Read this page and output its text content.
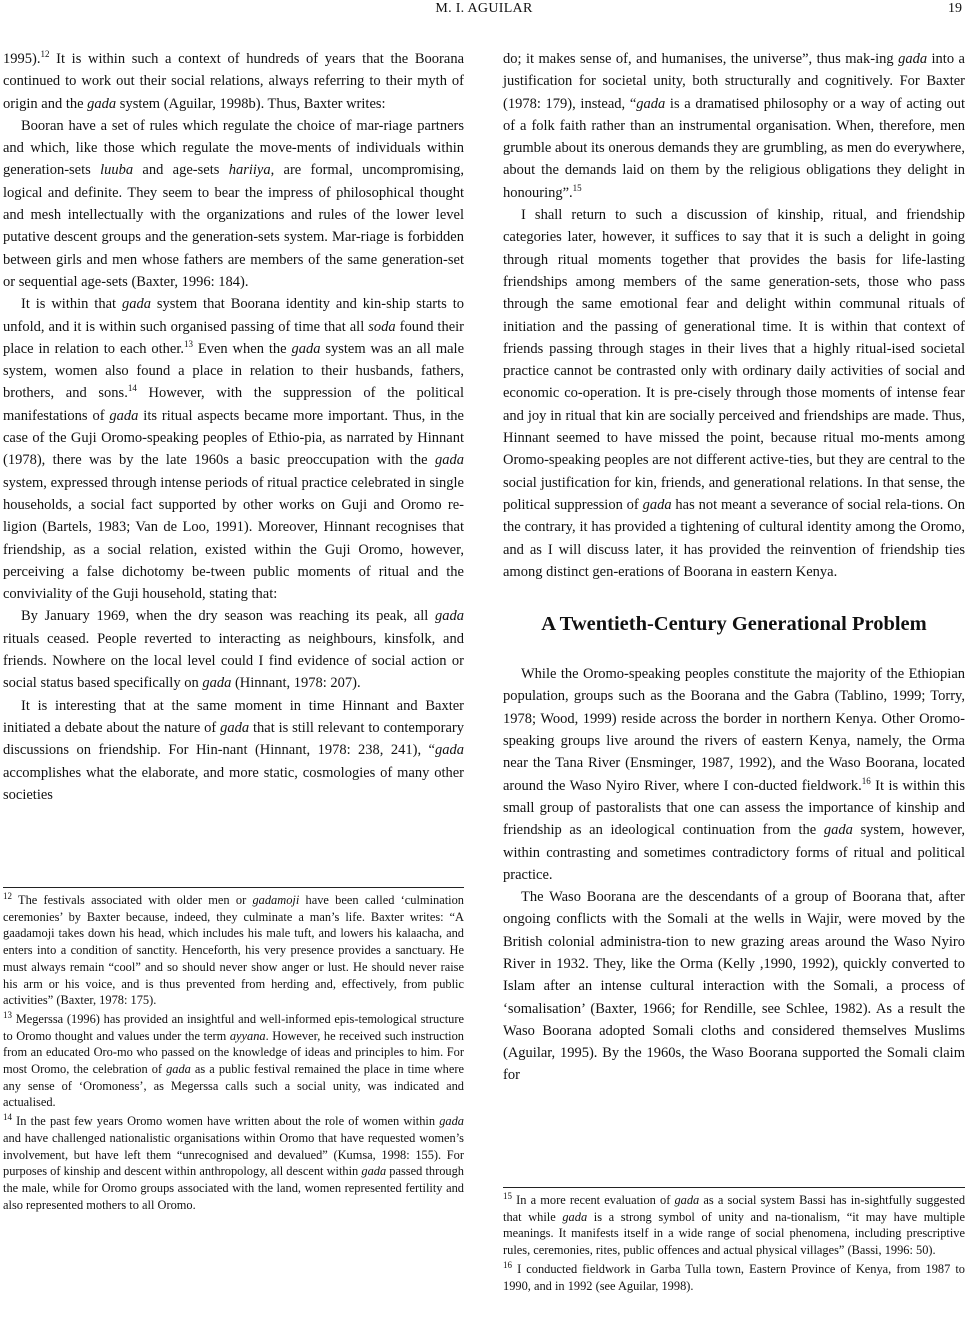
M. I. AGUILAR	19

1995).$^{12}$ It is within such a context of hundreds of years that the Boorana continued to work out their social relations, always referring to their myth of origin and the gada system (Aguilar, 1998b). Thus, Baxter writes:

Booran have a set of rules which regulate the choice of mar-riage partners and which, like those which regulate the move-ments of individuals within generation-sets luuba and age-sets hariiya, are formal, uncompromising, logical and definite. They seem to bear the impress of philosophical thought and mesh intellectually with the organizations and rules of the lower level putative descent groups and the generation-sets system. Mar-riage is forbidden between girls and men whose fathers are members of the same generation-set or sequential age-sets (Baxter, 1996: 184).

It is within that gada system that Boorana identity and kin-ship starts to unfold, and it is within such organised passing of time that all soda found their place in relation to each other.$^{13}$ Even when the gada system was an all male system, women also found a place in relation to their husbands, fathers, brothers, and sons.$^{14}$ However, with the suppression of the political manifestations of gada its ritual aspects became more important. Thus, in the case of the Guji Oromo-speaking peoples of Ethio-pia, as narrated by Hinnant (1978), there was by the late 1960s a basic preoccupation with the gada system, expressed through intense periods of ritual practice celebrated in single households, a social fact supported by other works on Guji and Oromo re-ligion (Bartels, 1983; Van de Loo, 1991). Moreover, Hinnant recognises that friendship, as a social relation, existed within the Guji Oromo, however, perceiving a false dichotomy be-tween public moments of ritual and the conviviality of the Guji household, stating that:

By January 1969, when the dry season was reaching its peak, all gada rituals ceased. People reverted to interacting as neighbours, kinsfolk, and friends. Nowhere on the local level could I find evidence of social action or social status based specifically on gada (Hinnant, 1978: 207).

It is interesting that at the same moment in time Hinnant and Baxter initiated a debate about the nature of gada that is still relevant to contemporary discussions on friendship. For Hin-nant (Hinnant, 1978: 238, 241), “gada accomplishes what the elaborate, and more static, cosmologies of many other societies

$^{12}$ The festivals associated with older men or gadamoji have been called ‘culmination ceremonies’ by Baxter because, indeed, they culminate a man’s life. Baxter writes: “A gaadamoji takes down his head, which includes his male tuft, and lowers his kalaacha, and enters into a condition of sanctity. Henceforth, his very presence provides a sanctuary. He must always remain “cool” and so should never show anger or lust. He should never raise his arm or his voice, and is thus prevented from herding and, effectively, from public activities” (Baxter, 1978: 175).

$^{13}$ Megerssa (1996) has provided an insightful and well-informed epis-temological structure to Oromo thought and values under the term ayyana. However, he received such instruction from an educated Oro-mo who passed on the knowledge of ideas and principles to him. For most Oromo, the celebration of gada as a public festival remained the place in time where any sense of ‘Oromoness’, as Megerssa calls such a social unity, was indicated and actualised.

$^{14}$ In the past few years Oromo women have written about the role of women within gada and have challenged nationalistic organisations within Oromo that have requested women’s involvement, but have left them “unrecognised and devalued” (Kumsa, 1998: 155). For purposes of kinship and descent within anthropology, all descent within gada passed through the male, while for Oromo groups associated with the land, women represented fertility and also represented mothers to all Oromo.

do; it makes sense of, and humanises, the universe”, thus mak-ing gada into a justification for societal unity, both structurally and cognitively. For Baxter (1978: 179), instead, “gada is a dramatised philosophy or a way of acting out of a folk faith rather than an instrumental organisation. When, therefore, men grumble about its onerous demands they are grumbling, as men do everywhere, about the demands laid on them by the religious obligations they delight in honouring”.$^{15}$

I shall return to such a discussion of kinship, ritual, and friendship categories later, however, it suffices to say that it is such a delight in going through ritual moments together that provides the basis for life-lasting friendships among members of the same generation-sets, those who pass through the same emotional fear and delight within communal rituals of initiation and the passing of generational time. It is within that context of friends passing through stages in their lives that a highly ritual-ised societal practice cannot be contrasted only with ordinary daily activities of social and economic co-operation. It is pre-cisely through those moments of intense fear and joy in ritual that kin are socially perceived and friendships are made. Thus, Hinnant seemed to have missed the point, because ritual mo-ments among Oromo-speaking peoples are not different active-ties, but they are central to the social justification for kin, friends, and generational relations. In that sense, the political suppression of gada has not meant a severance of social rela-tions. On the contrary, it has provided a tightening of cultural identity among the Oromo, and as I will discuss later, it has provided the reinvention of friendship ties among distinct gen-erations of Boorana in eastern Kenya.

A Twentieth-Century Generational Problem

While the Oromo-speaking peoples constitute the majority of the Ethiopian population, groups such as the Boorana and the Gabra (Tablino, 1999; Torry, 1978; Wood, 1999) reside across the border in northern Kenya. Other Oromo-speaking groups live around the rivers of eastern Kenya, namely, the Orma near the Tana River (Ensminger, 1987, 1992), and the Waso Boorana, located around the Waso Nyiro River, where I con-ducted fieldwork.$^{16}$ It is within this small group of pastoralists that one can assess the importance of kinship and friendship as an ideological continuation from the gada system, however, within contrasting and sometimes contradictory forms of ritual and political practice.

The Waso Boorana are the descendants of a group of Boorana that, after ongoing conflicts with the Somali at the wells in Wajir, were moved by the British colonial administra-tion to new grazing areas around the Waso Nyiro River in 1932. They, like the Orma (Kelly ,1990, 1992), quickly converted to Islam after an intense cultural interaction with the Somali, a process of ‘somalisation’ (Baxter, 1966; for Rendille, see Schlee, 1982). As a result the Waso Boorana adopted Somali cloths and considered themselves Muslims (Aguilar, 1995). By the 1960s, the Waso Boorana supported the Somali claim for

$^{15}$ In a more recent evaluation of gada as a social system Bassi has in-sightfully suggested that while gada is a strong symbol of unity and na-tionalism, “it may have multiple meanings. It manifests itself in a wide range of social phenomena, including prescriptive rules, ceremonies, rites, public offences and actual physical villages” (Bassi, 1996: 50).

$^{16}$ I conducted fieldwork in Garba Tulla town, Eastern Province of Kenya, from 1987 to 1990, and in 1992 (see Aguilar, 1998).
